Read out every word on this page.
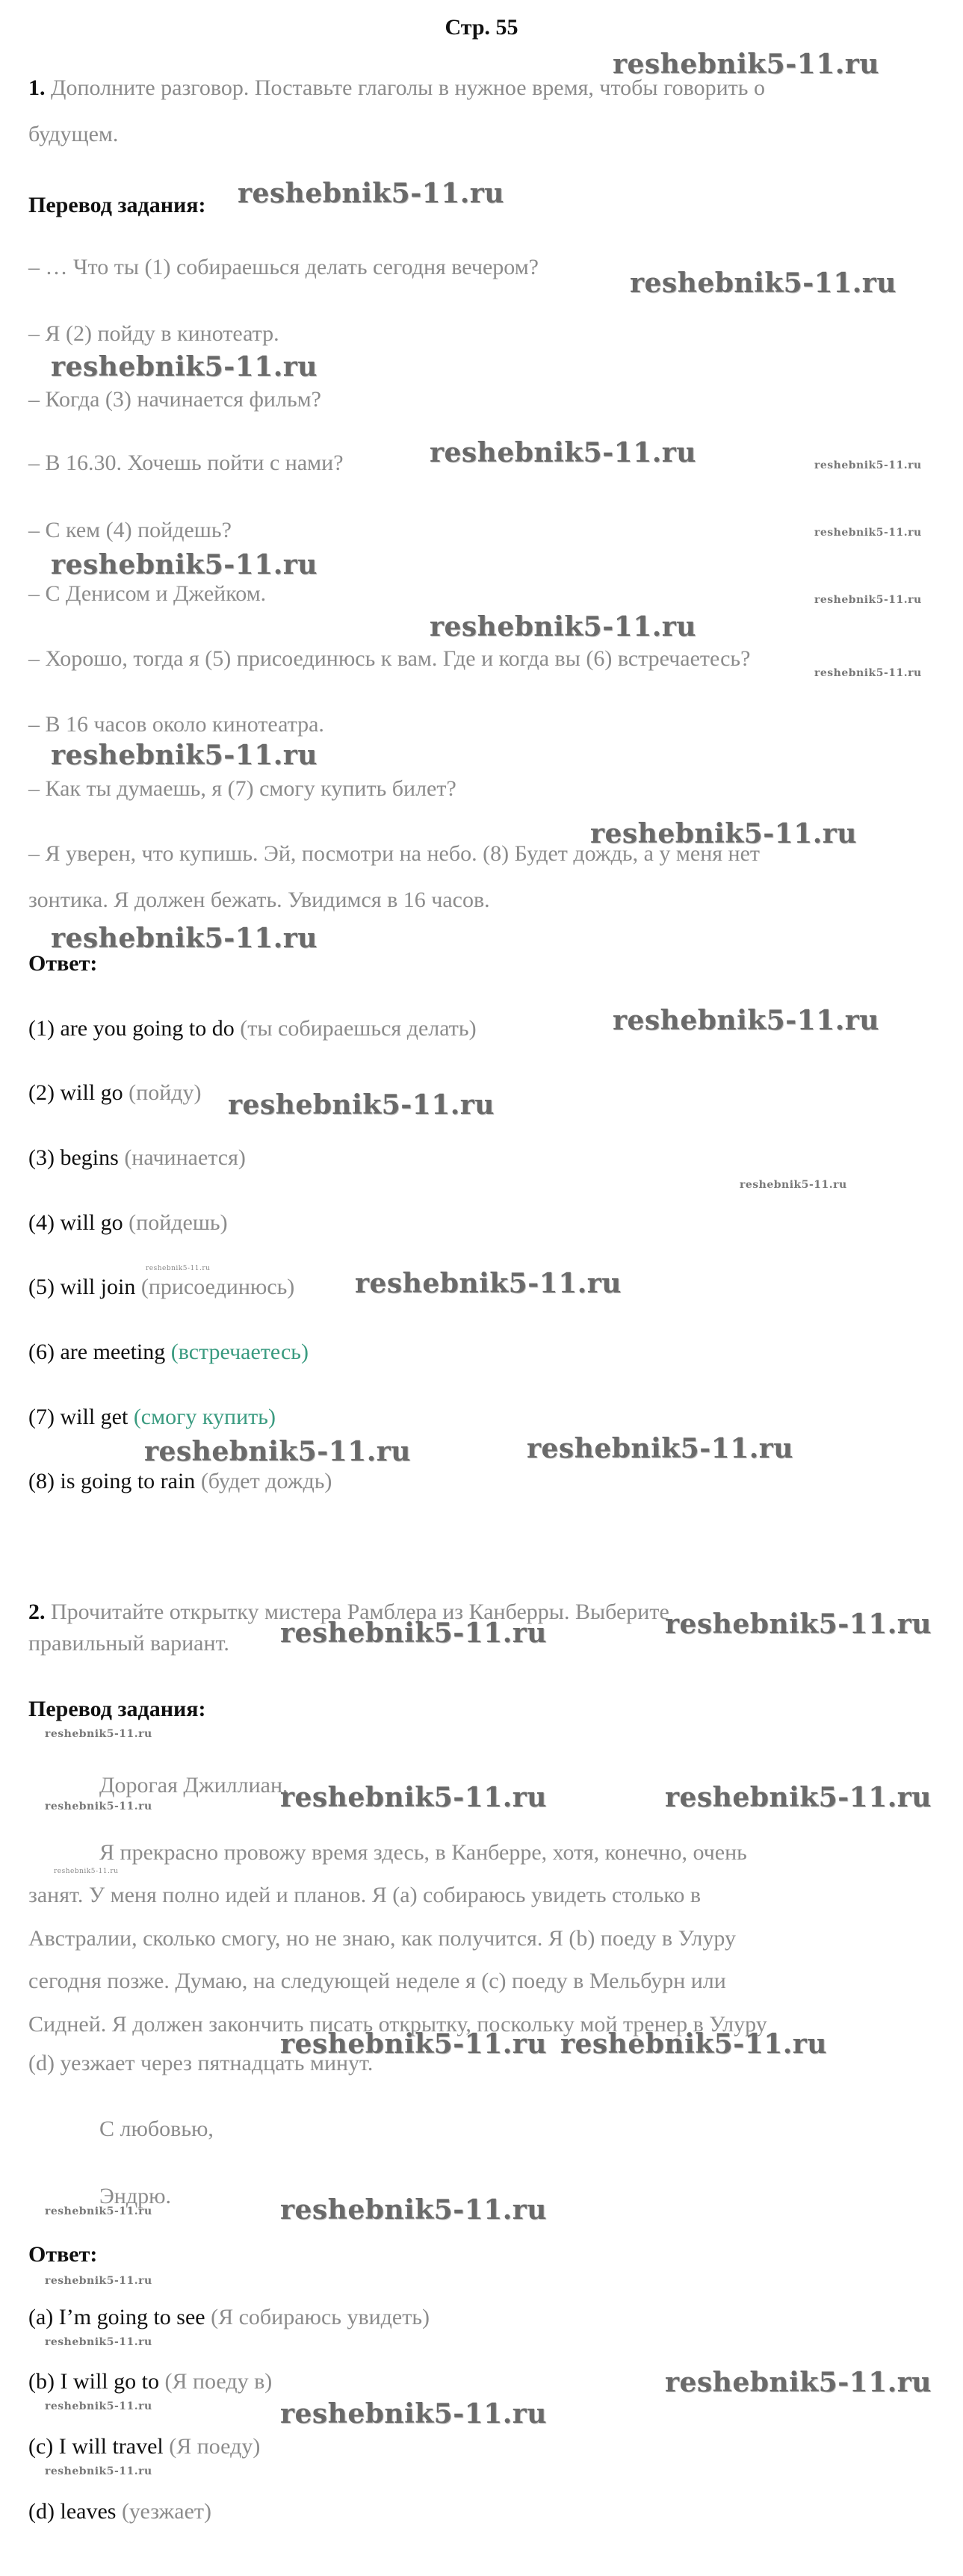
Стр. 55
1. Дополните разговор. Поставьте глаголы в нужное время, чтобы говорить о
будущем.
Перевод задания:
– … Что ты (1) собираешься делать сегодня вечером?
– Я (2) пойду в кинотеатр.
– Когда (3) начинается фильм?
– В 16.30. Хочешь пойти с нами?
– С кем (4) пойдешь?
– С Денисом и Джейком.
– Хорошо, тогда я (5) присоединюсь к вам. Где и когда вы (6) встречаетесь?
– В 16 часов около кинотеатра.
– Как ты думаешь, я (7) смогу купить билет?
– Я уверен, что купишь. Эй, посмотри на небо. (8) Будет дождь, а у меня нет
зонтика. Я должен бежать. Увидимся в 16 часов.
Ответ:
(1) are you going to do (ты собираешься делать)
(2) will go (пойду)
(3) begins (начинается)
(4) will go (пойдешь)
(5) will join (присоединюсь)
(6) are meeting (встречаетесь)
(7) will get (смогу купить)
(8) is going to rain (будет дождь)
2. Прочитайте открытку мистера Рамблера из Канберры. Выберите
правильный вариант.
Перевод задания:
Дорогая Джиллиан,
Я прекрасно провожу время здесь, в Канберре, хотя, конечно, очень
занят. У меня полно идей и планов. Я (a) собираюсь увидеть столько в
Австралии, сколько смогу, но не знаю, как получится. Я (b) поеду в Улуру
сегодня позже. Думаю, на следующей неделе я (c) поеду в Мельбурн или
Сидней. Я должен закончить писать открытку, поскольку мой тренер в Улуру
(d) уезжает через пятнадцать минут.
С любовью,
Эндрю.
Ответ:
(a) I’m going to see (Я собираюсь увидеть)
(b) I will go to (Я поеду в)
(c) I will travel (Я поеду)
(d) leaves (уезжает)
reshebnik5-11.ru
reshebnik5-11.ru
reshebnik5-11.ru
reshebnik5-11.ru
reshebnik5-11.ru
reshebnik5-11.ru
reshebnik5-11.ru
reshebnik5-11.ru
reshebnik5-11.ru
reshebnik5-11.ru
reshebnik5-11.ru
reshebnik5-11.ru
reshebnik5-11.ru
reshebnik5-11.ru	reshebnik5-11.ru
reshebnik5-11.ru	reshebnik5-11.ru
reshebnik5-11.ru	reshebnik5-11.ru
reshebnik5-11.ru reshebnik5-11.ru
reshebnik5-11.ru
reshebnik5-11.ru
reshebnik5-11.ru
reshebnik5-11.ru
reshebnik5-11.ru
reshebnik5-11.ru
reshebnik5-11.ru
reshebnik5-11.ru
reshebnik5-11.ru
reshebnik5-11.ru
reshebnik5-11.ru
reshebnik5-11.ru
reshebnik5-11.ru
reshebnik5-11.ru
reshebnik5-11.ru
reshebnik5-11.ru
reshebnik5-11.ru
